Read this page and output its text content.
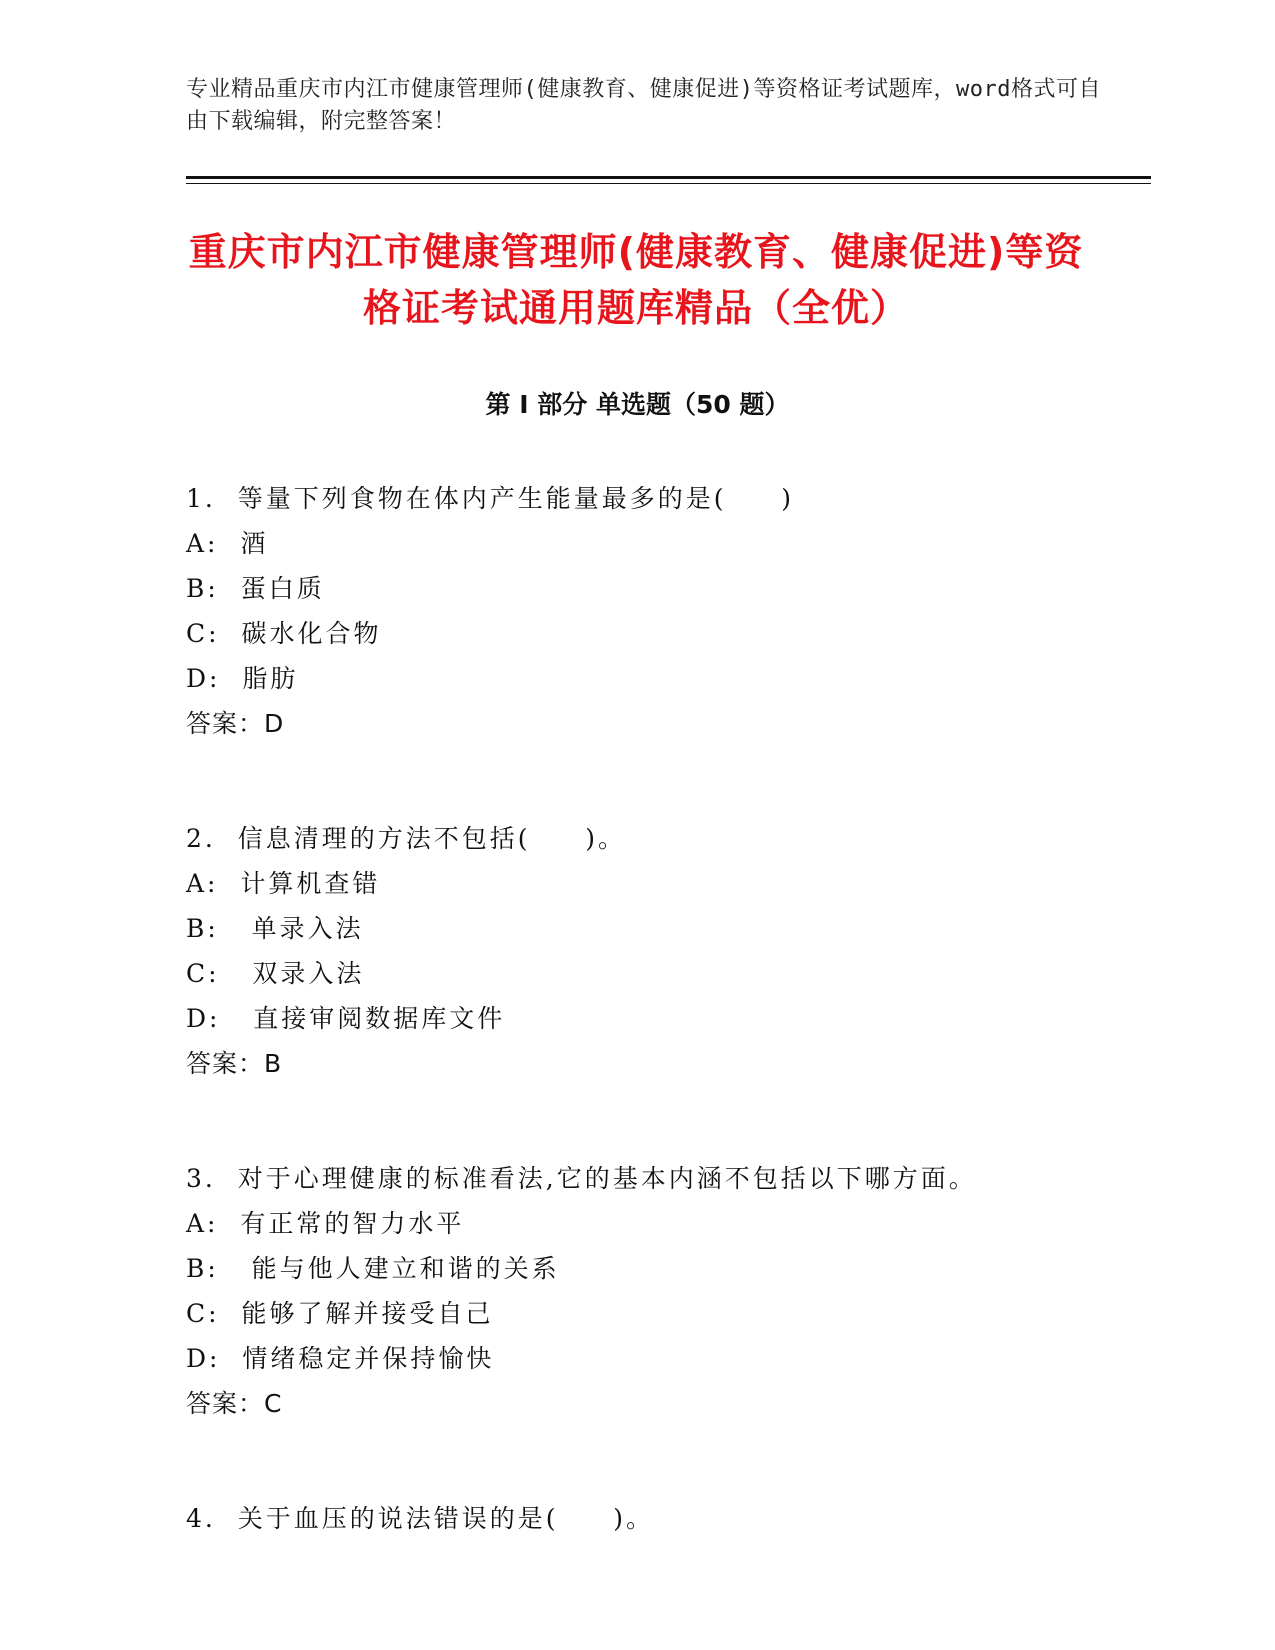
专业精品重庆市内江市健康管理师(健康教育、健康促进)等资格证考试题库，word格式可自由下载编辑，附完整答案！
重庆市内江市健康管理师(健康教育、健康促进)等资格证考试通用题库精品（全优）
第 I 部分 单选题（50 题）
1.  等量下列食物在体内产生能量最多的是(     )
A:  酒
B:  蛋白质
C:  碳水化合物
D:  脂肪
答案：D
2.  信息清理的方法不包括(     )。
A:  计算机查错
B:   单录入法
C:   双录入法
D:   直接审阅数据库文件
答案：B
3.  对于心理健康的标准看法,它的基本内涵不包括以下哪方面。
A:  有正常的智力水平
B:   能与他人建立和谐的关系
C:  能够了解并接受自己
D:  情绪稳定并保持愉快
答案：C
4.  关于血压的说法错误的是(     )。
